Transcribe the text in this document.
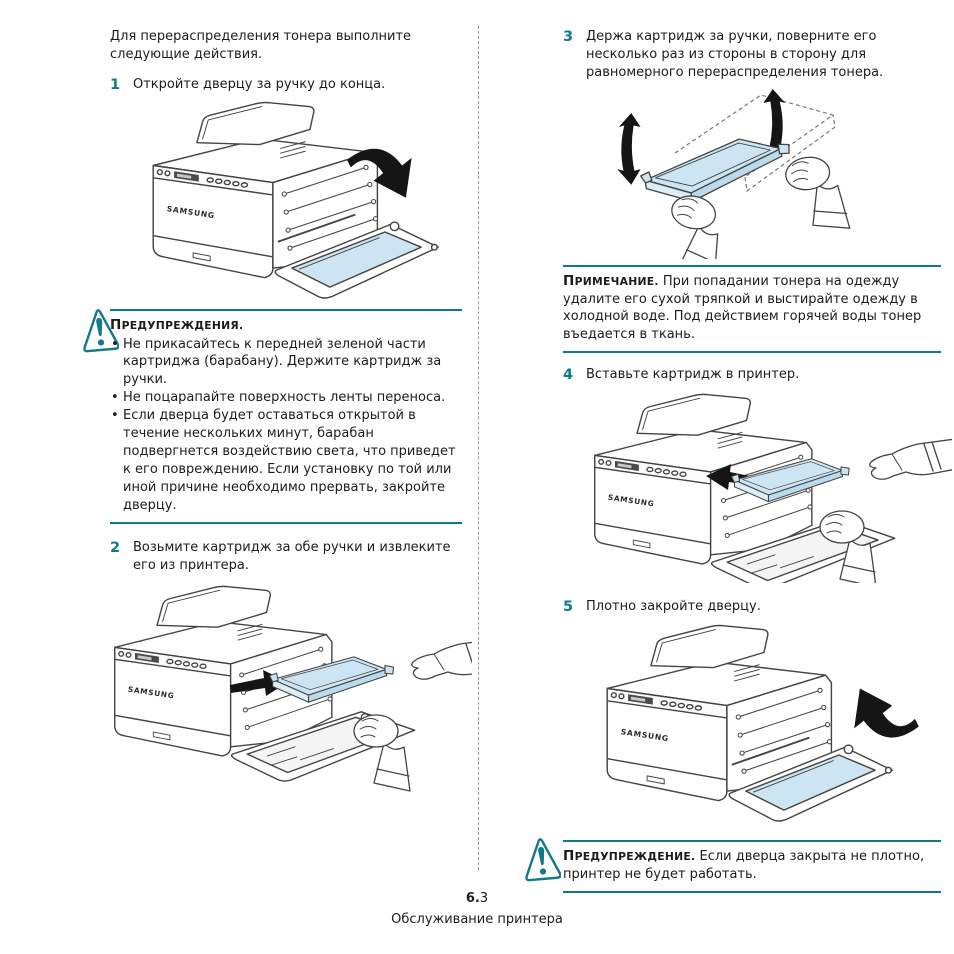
Для перераспределения тонера выполните следующие действия.

1 Откройте дверцу за ручку до конца.

ПРЕДУПРЕЖДЕНИЯ.

• Не прикасайтесь к передней зеленой части картриджа (барабану). Держите картридж за ручки.
• Не поцарапайте поверхность ленты переноса.
• Если дверца будет оставаться открытой в течение нескольких минут, барабан подвергнется воздействию света, что приведет к его повреждению. Если установку по той или иной причине необходимо прервать, закройте дверцу.
2 Возьмите картридж за обе ручки и извлеките его из принтера.
3 Держа картридж за ручки, поверните его несколько раз из стороны в сторону для равномерного перераспределения тонера.
ПРИМЕЧАНИЕ. При попадании тонера на одежду удалите его сухой тряпкой и выстирайте одежду в холодной воде. Под действием горячей воды тонер въедается в ткань.
4 Вставьте картридж в принтер.
5 Плотно закройте дверцу.
ПРЕДУПРЕЖДЕНИЕ. Если дверца закрыта не плотно, принтер не будет работать.
6.3
Обслуживание принтера
